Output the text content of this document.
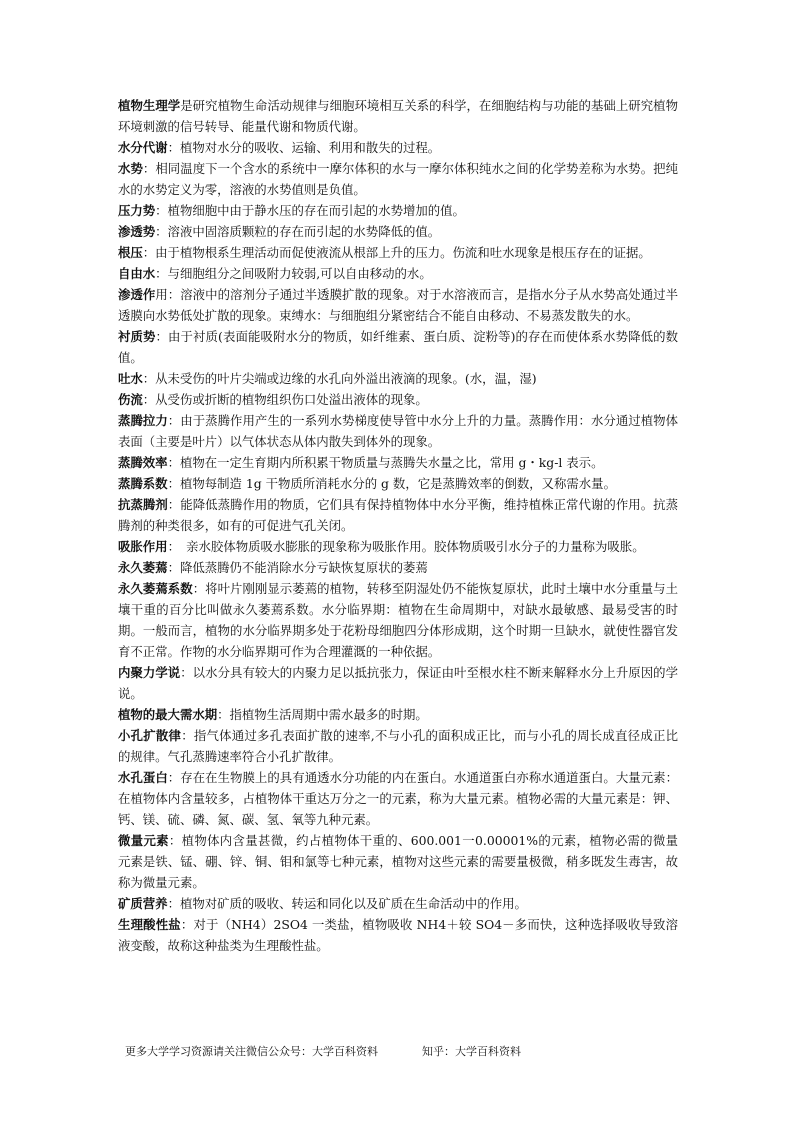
植物生理学是研究植物生命活动规律与细胞环境相互关系的科学，在细胞结构与功能的基础上研究植物环境刺激的信号转导、能量代谢和物质代谢。

水分代谢：植物对水分的吸收、运输、利用和散失的过程。

水势：相同温度下一个含水的系统中一摩尔体积的水与一摩尔体积纯水之间的化学势差称为水势。把纯水的水势定义为零，溶液的水势值则是负值。

压力势：植物细胞中由于静水压的存在而引起的水势增加的值。

渗透势：溶液中固溶质颗粒的存在而引起的水势降低的值。

根压：由于植物根系生理活动而促使液流从根部上升的压力。伤流和吐水现象是根压存在的证据。

自由水：与细胞组分之间吸附力较弱,可以自由移动的水。

渗透作用：溶液中的溶剂分子通过半透膜扩散的现象。对于水溶液而言，是指水分子从水势高处通过半透膜向水势低处扩散的现象。束缚水：与细胞组分紧密结合不能自由移动、不易蒸发散失的水。

衬质势：由于衬质(表面能吸附水分的物质，如纤维素、蛋白质、淀粉等)的存在而使体系水势降低的数值。

吐水：从未受伤的叶片尖端或边缘的水孔向外溢出液滴的现象。(水，温，湿)

伤流：从受伤或折断的植物组织伤口处溢出液体的现象。

蒸腾拉力：由于蒸腾作用产生的一系列水势梯度使导管中水分上升的力量。蒸腾作用：水分通过植物体表面（主要是叶片）以气体状态从体内散失到体外的现象。

蒸腾效率：植物在一定生育期内所积累干物质量与蒸腾失水量之比，常用 g・kg-l 表示。

蒸腾系数：植物每制造 1g 干物质所消耗水分的 g 数，它是蒸腾效率的倒数，又称需水量。

抗蒸腾剂：能降低蒸腾作用的物质，它们具有保持植物体中水分平衡，维持植株正常代谢的作用。抗蒸腾剂的种类很多，如有的可促进气孔关闭。

吸胀作用：　亲水胶体物质吸水膨胀的现象称为吸胀作用。胶体物质吸引水分子的力量称为吸胀。

永久萎蔫：降低蒸腾仍不能消除水分亏缺恢复原状的萎蔫

永久萎蔫系数：将叶片刚刚显示萎蔫的植物，转移至阴湿处仍不能恢复原状，此时土壤中水分重量与土壤干重的百分比叫做永久萎蔫系数。水分临界期：植物在生命周期中，对缺水最敏感、最易受害的时期。一般而言，植物的水分临界期多处于花粉母细胞四分体形成期，这个时期一旦缺水，就使性器官发育不正常。作物的水分临界期可作为合理灌溉的一种依据。

内聚力学说：以水分具有较大的内聚力足以抵抗张力，保证由叶至根水柱不断来解释水分上升原因的学说。

植物的最大需水期：指植物生活周期中需水最多的时期。

小孔扩散律：指气体通过多孔表面扩散的速率,不与小孔的面积成正比，而与小孔的周长成直径成正比的规律。气孔蒸腾速率符合小孔扩散律。

水孔蛋白：存在在生物膜上的具有通透水分功能的内在蛋白。水通道蛋白亦称水通道蛋白。大量元素：在植物体内含量较多，占植物体干重达万分之一的元素，称为大量元素。植物必需的大量元素是：钾、钙、镁、硫、磷、氮、碳、氢、氧等九种元素。

微量元素：植物体内含量甚微，约占植物体干重的、600.001一0.00001%的元素，植物必需的微量元素是铁、锰、硼、锌、铜、钼和氯等七种元素，植物对这些元素的需要量极微，稍多既发生毒害，故称为微量元素。

矿质营养：植物对矿质的吸收、转运和同化以及矿质在生命活动中的作用。

生理酸性盐：对于（NH4）2SO4 一类盐，植物吸收 NH4＋较 SO4－多而快，这种选择吸收导致溶液变酸，故称这种盐类为生理酸性盐。

更多大学学习资源请关注微信公众号：大学百科资料	知乎：大学百科资料
